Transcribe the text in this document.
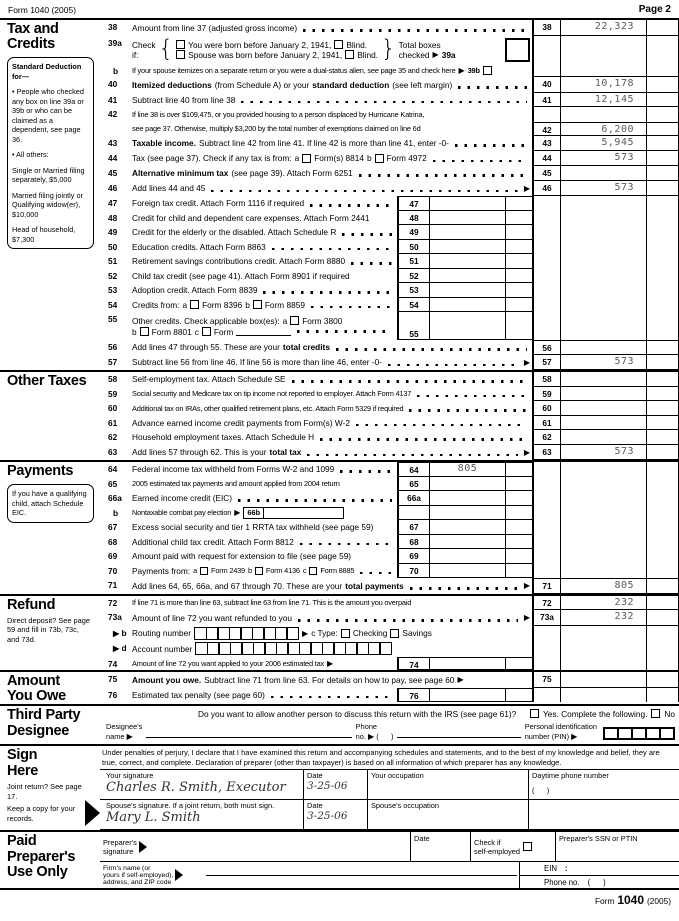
Form 1040 (2005)	Page 2
Tax and Credits

Standard Deduction for—

• People who checked any box on line 39a or 39b or who can be claimed as a dependent, see page 36.

• All others:

Single or Married filing separately, $5,000

Married filing jointly or Qualifying widow(er), $10,000

Head of household, $7,300

38	Amount from line 37 (adjusted gross income)	38	22,323
39a	Check
if: { You were born before January 2, 1941, Blind.
Spouse was born before January 2, 1941, Blind. } Total boxes
checked ▶ 39a
b	If your spouse itemizes on a separate return or you were a dual-status alien, see page 35 and check here ▶ 39b
40	Itemized deductions (from Schedule A) or your standard deduction (see left margin)	40	10,178
41	Subtract line 40 from line 38	41	12,145
42	If line 38 is over $109,475, or you provided housing to a person displaced by Hurricane Katrina,
see page 37. Otherwise, multiply $3,200 by the total number of exemptions claimed on line 6d	42	6,200
43	Taxable income. Subtract line 42 from line 41. If line 42 is more than line 41, enter -0-	43	5,945
44	Tax (see page 37). Check if any tax is from: a Form(s) 8814 b Form 4972	44	573
45	Alternative minimum tax (see page 39). Attach Form 6251	45
46	Add lines 44 and 45	▶	46	573
47	Foreign tax credit. Attach Form 1116 if required	47
48	Credit for child and dependent care expenses. Attach Form 2441	48
49	Credit for the elderly or the disabled. Attach Schedule R	49
50	Education credits. Attach Form 8863	50
51	Retirement savings contributions credit. Attach Form 8880	51
52	Child tax credit (see page 41). Attach Form 8901 if required	52
53	Adoption credit. Attach Form 8839	53
54	Credits from: a Form 8396 b Form 8859	54
55	Other credits. Check applicable box(es): a Form 3800
b Form 8801 c Form	55
56	Add lines 47 through 55. These are your total credits	56
57	Subtract line 56 from line 46. If line 56 is more than line 46, enter -0-	▶	57	573
Other Taxes	58	Self-employment tax. Attach Schedule SE	58
59	Social security and Medicare tax on tip income not reported to employer. Attach Form 4137	59
60	Additional tax on IRAs, other qualified retirement plans, etc. Attach Form 5329 if required	60
61	Advance earned income credit payments from Form(s) W-2	61
62	Household employment taxes. Attach Schedule H	62
63	Add lines 57 through 62. This is your total tax	▶	63	573
Payments
If you have a qualifying child, attach Schedule EIC.
64	Federal income tax withheld from Forms W-2 and 1099	64	805
65	2005 estimated tax payments and amount applied from 2004 return	65
66a	Earned income credit (EIC)	66a
b	Nontaxable combat pay election ▶ 66b
67	Excess social security and tier 1 RRTA tax withheld (see page 59)	67
68	Additional child tax credit. Attach Form 8812	68
69	Amount paid with request for extension to file (see page 59)	69
70	Payments from: a Form 2439 b Form 4136 c Form 8885	70
71	Add lines 64, 65, 66a, and 67 through 70. These are your total payments	▶	71	805
Refund
Direct deposit? See page 59 and fill in 73b, 73c, and 73d.
72	If line 71 is more than line 63, subtract line 63 from line 71. This is the amount you overpaid	72	232
73a	Amount of line 72 you want refunded to you	▶	73a	232
▶ b Routing number	▶ c Type: Checking Savings
▶ d Account number
74	Amount of line 72 you want applied to your 2006 estimated tax ▶	74
Amount You Owe
75	Amount you owe. Subtract line 71 from line 63. For details on how to pay, see page 60 ▶	75
76	Estimated tax penalty (see page 60)	76
Third Party Designee
Do you want to allow another person to discuss this return with the IRS (see page 61)?	Yes. Complete the following. No
Designee's
name ▶
Phone
no. ▶ (      )
Personal identification
number (PIN) ▶
Sign Here
Joint return? See page 17.
Keep a copy for your records.
Under penalties of perjury, I declare that I have examined this return and accompanying schedules and statements, and to the best of my knowledge and belief, they are true, correct, and complete. Declaration of preparer (other than taxpayer) is based on all information of which preparer has any knowledge.
Your signature
Charles R. Smith, Executor
Date
3-25-06
Your occupation	Daytime phone number
(      )
Spouse's signature. If a joint return, both must sign.
Mary L. Smith
Date
3-25-06
Spouse's occupation
Paid Preparer's Use Only
Preparer's
signature
Date	Check if
self-employed
Preparer's SSN or PTIN
Firm's name (or
yours if self-employed),
address, and ZIP code
EIN :
Phone no. (      )
Form 1040 (2005)
